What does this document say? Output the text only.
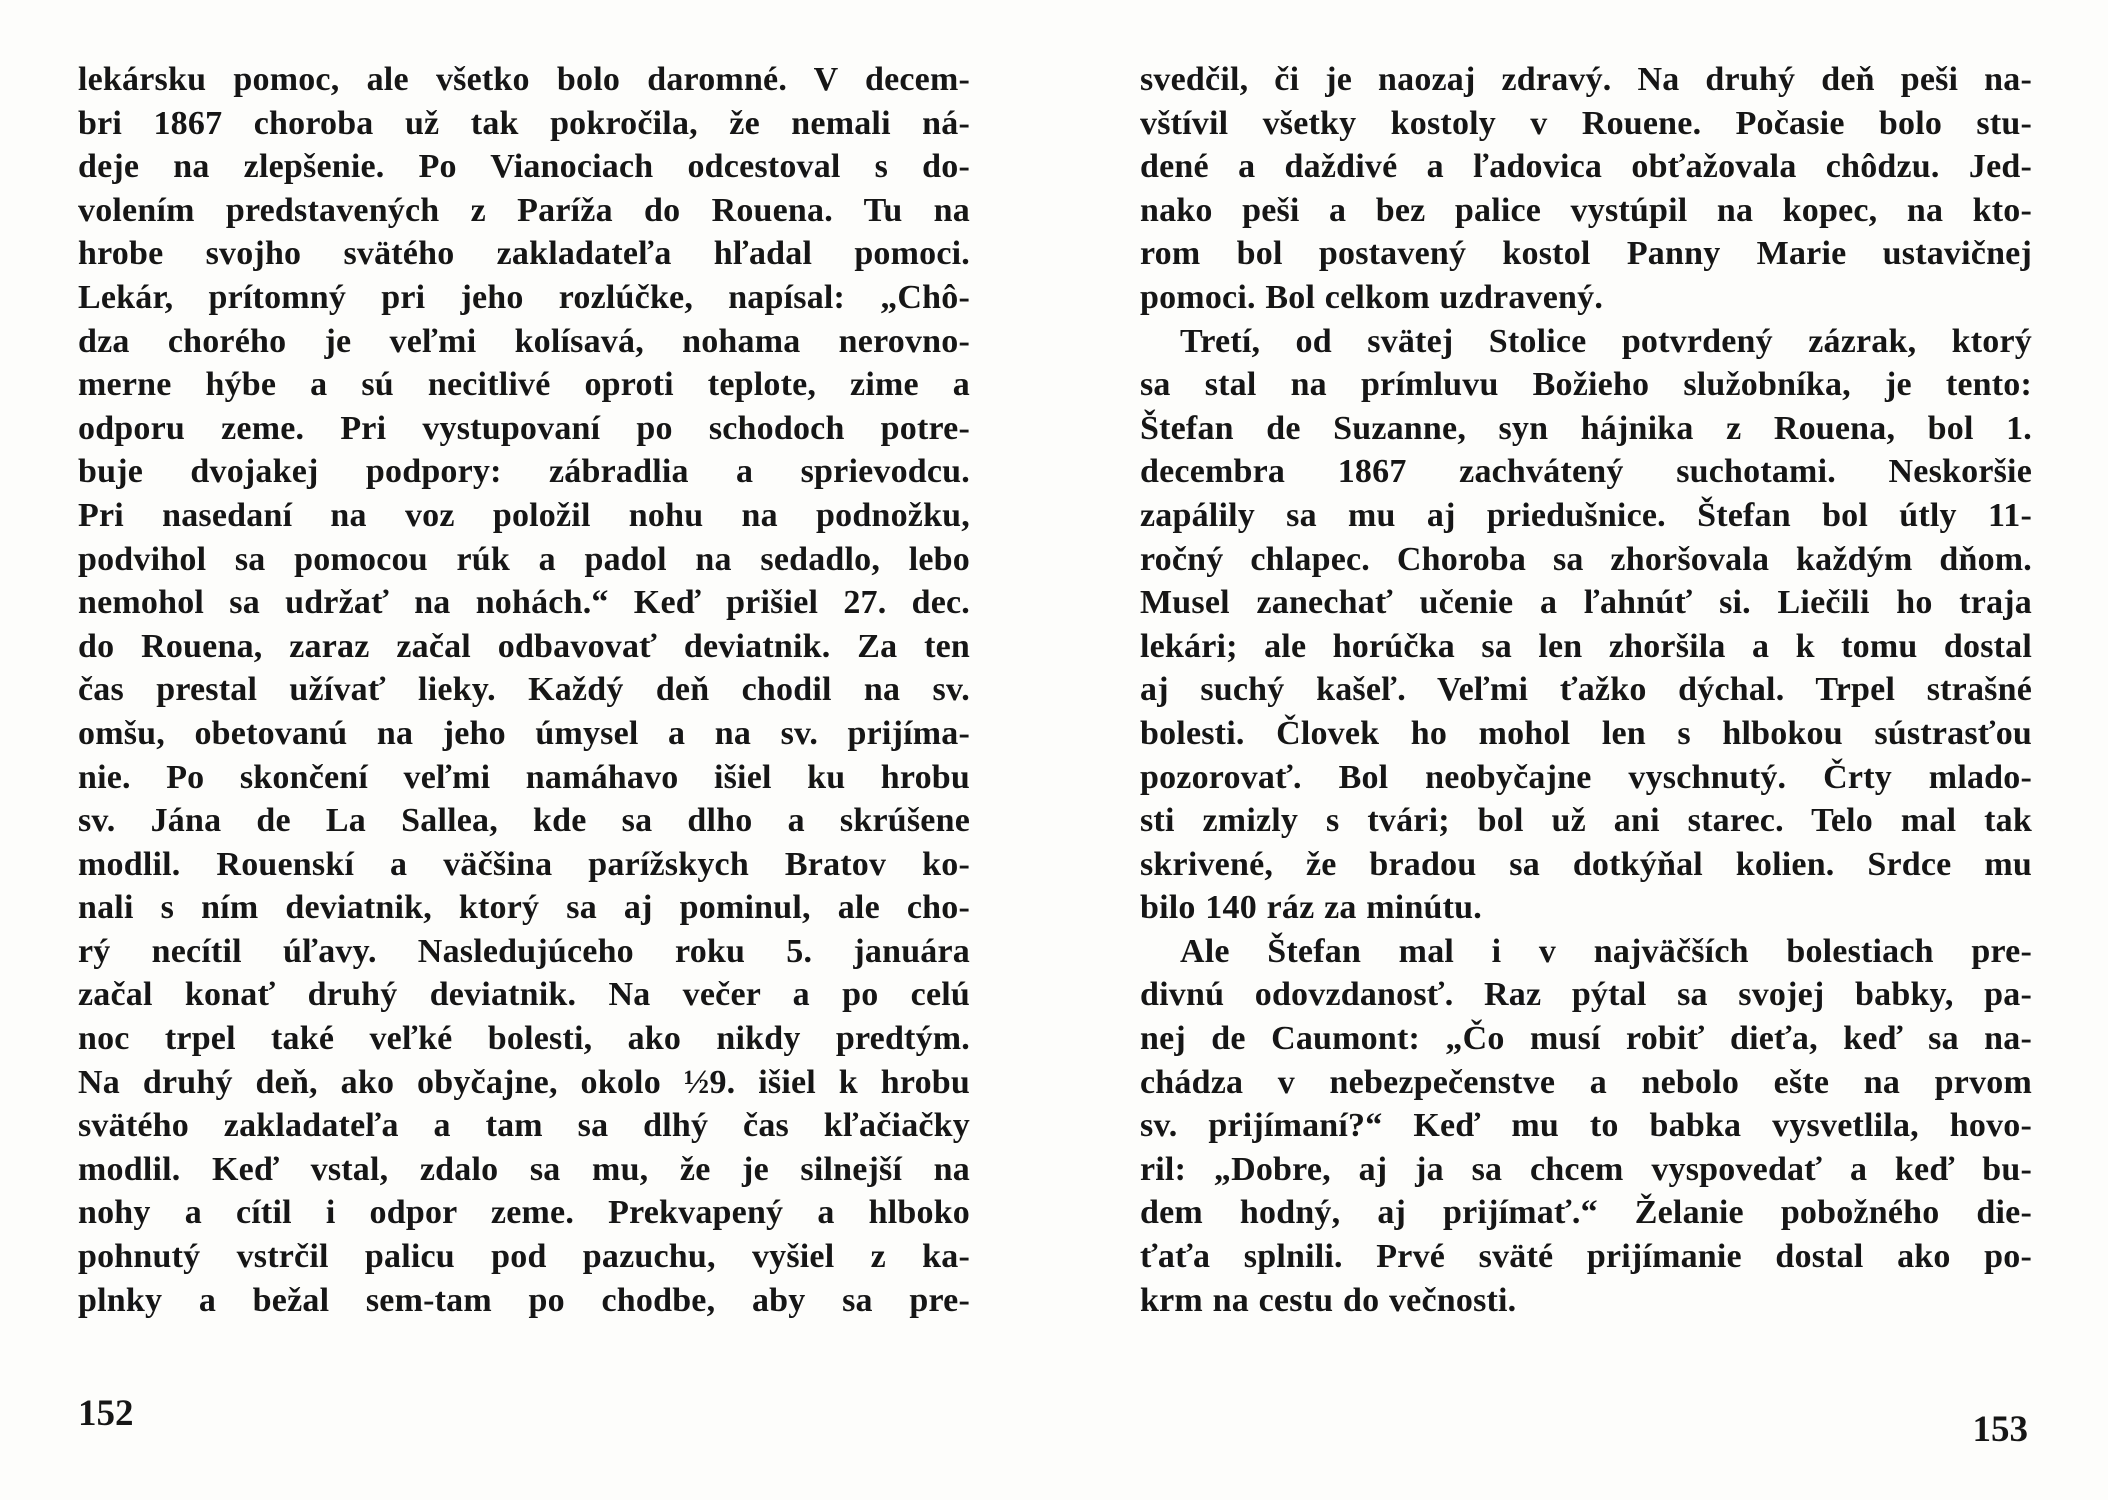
lekársku pomoc, ale všetko bolo daromné. V decem-
bri 1867 choroba už tak pokročila, že nemali ná-
deje na zlepšenie. Po Vianociach odcestoval s do-
volením predstavených z Paríža do Rouena. Tu na
hrobe svojho svätého zakladateľa hľadal pomoci.
Lekár, prítomný pri jeho rozlúčke, napísal: „Chô-
dza chorého je veľmi kolísavá, nohama nerovno-
merne hýbe a sú necitlivé oproti teplote, zime a
odporu zeme. Pri vystupovaní po schodoch potre-
buje dvojakej podpory: zábradlia a sprievodcu.
Pri nasedaní na voz položil nohu na podnožku,
podvihol sa pomocou rúk a padol na sedadlo, lebo
nemohol sa udržať na nohách.“ Keď prišiel 27. dec.
do Rouena, zaraz začal odbavovať deviatnik. Za ten
čas prestal užívať lieky. Každý deň chodil na sv.
omšu, obetovanú na jeho úmysel a na sv. prijíma-
nie. Po skončení veľmi namáhavo išiel ku hrobu
sv. Jána de La Sallea, kde sa dlho a skrúšene
modlil. Rouenskí a väčšina parížskych Bratov ko-
nali s ním deviatnik, ktorý sa aj pominul, ale cho-
rý necítil úľavy. Nasledujúceho roku 5. januára
začal konať druhý deviatnik. Na večer a po celú
noc trpel také veľké bolesti, ako nikdy predtým.
Na druhý deň, ako obyčajne, okolo ½9. išiel k hrobu
svätého zakladateľa a tam sa dlhý čas kľačiačky
modlil. Keď vstal, zdalo sa mu, že je silnejší na
nohy a cítil i odpor zeme. Prekvapený a hlboko
pohnutý vstrčil palicu pod pazuchu, vyšiel z ka-
plnky a bežal sem-tam po chodbe, aby sa pre-
152
svedčil, či je naozaj zdravý. Na druhý deň peši na-
vštívil všetky kostoly v Rouene. Počasie bolo stu-
dené a daždivé a ľadovica obťažovala chôdzu. Jed-
nako peši a bez palice vystúpil na kopec, na kto-
rom bol postavený kostol Panny Marie ustavičnej
pomoci. Bol celkom uzdravený.
Tretí, od svätej Stolice potvrdený zázrak, ktorý
sa stal na prímluvu Božieho služobníka, je tento:
Štefan de Suzanne, syn hájnika z Rouena, bol 1.
decembra 1867 zachvátený suchotami. Neskoršie
zapálily sa mu aj priedušnice. Štefan bol útly 11-
ročný chlapec. Choroba sa zhoršovala každým dňom.
Musel zanechať učenie a ľahnúť si. Liečili ho traja
lekári; ale horúčka sa len zhoršila a k tomu dostal
aj suchý kašeľ. Veľmi ťažko dýchal. Trpel strašné
bolesti. Človek ho mohol len s hlbokou sústrasťou
pozorovať. Bol neobyčajne vyschnutý. Črty mlado-
sti zmizly s tvári; bol už ani starec. Telo mal tak
skrivené, že bradou sa dotkýňal kolien. Srdce mu
bilo 140 ráz za minútu.
Ale Štefan mal i v najväčších bolestiach pre-
divnú odovzdanosť. Raz pýtal sa svojej babky, pa-
nej de Caumont: „Čo musí robiť dieťa, keď sa na-
chádza v nebezpečenstve a nebolo ešte na prvom
sv. prijímaní?“ Keď mu to babka vysvetlila, hovo-
ril: „Dobre, aj ja sa chcem vyspovedať a keď bu-
dem hodný, aj prijímať.“ Želanie pobožného die-
ťaťa splnili. Prvé sväté prijímanie dostal ako po-
krm na cestu do večnosti.
153
